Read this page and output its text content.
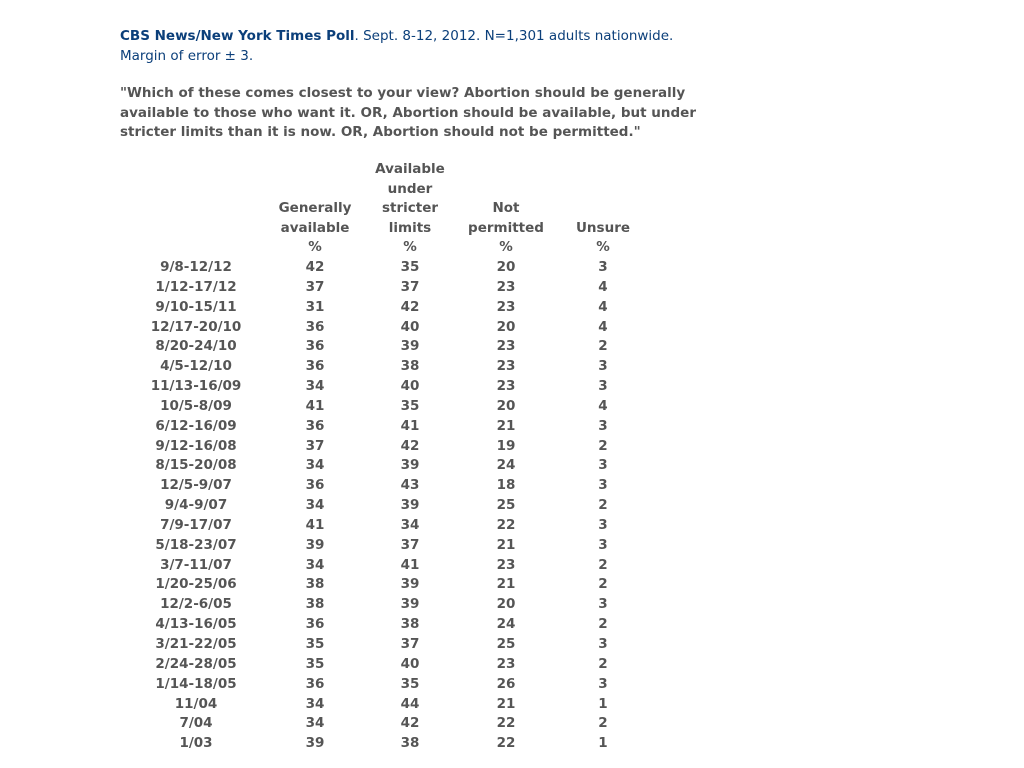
CBS News/New York Times Poll. Sept. 8-12, 2012. N=1,301 adults nationwide.
Margin of error ± 3.

"Which of these comes closest to your view? Abortion should be generally available to those who want it. OR, Abortion should be available, but under stricter limits than it is now. OR, Abortion should not be permitted."

	Generally
available
%	Available
under
stricter
limits
%	Not
permitted
%	Unsure
%
9/8-12/12	42	35	20	3
1/12-17/12	37	37	23	4
9/10-15/11	31	42	23	4
12/17-20/10	36	40	20	4
8/20-24/10	36	39	23	2
4/5-12/10	36	38	23	3
11/13-16/09	34	40	23	3
10/5-8/09	41	35	20	4
6/12-16/09	36	41	21	3
9/12-16/08	37	42	19	2
8/15-20/08	34	39	24	3
12/5-9/07	36	43	18	3
9/4-9/07	34	39	25	2
7/9-17/07	41	34	22	3
5/18-23/07	39	37	21	3
3/7-11/07	34	41	23	2
1/20-25/06	38	39	21	2
12/2-6/05	38	39	20	3
4/13-16/05	36	38	24	2
3/21-22/05	35	37	25	3
2/24-28/05	35	40	23	2
1/14-18/05	36	35	26	3
11/04	34	44	21	1
7/04	34	42	22	2
1/03	39	38	22	1
